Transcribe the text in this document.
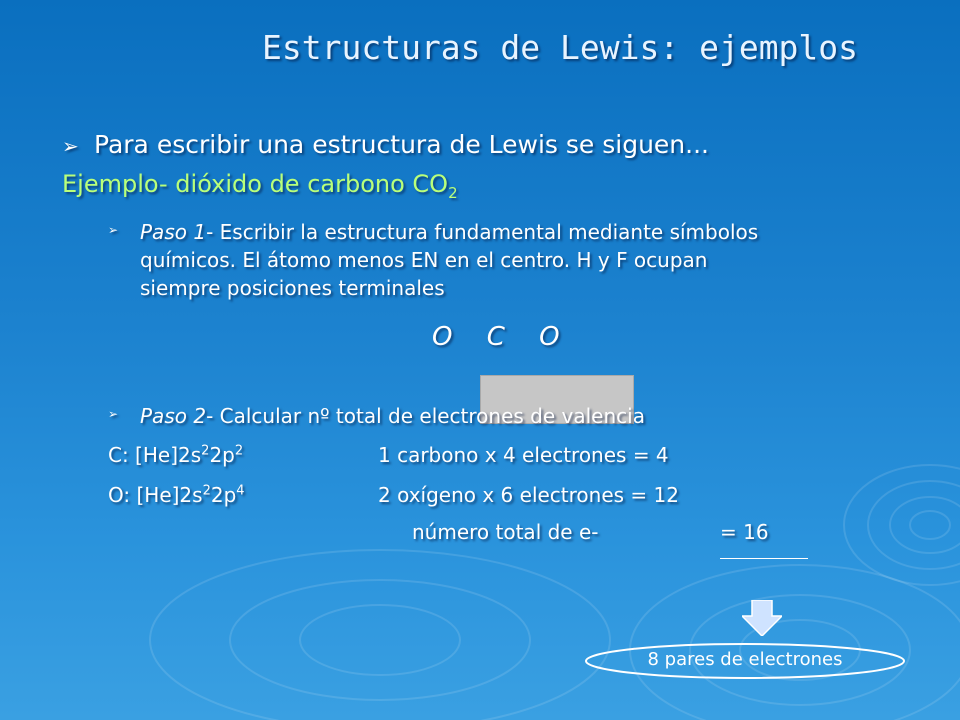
Estructuras de Lewis: ejemplos
➢ Para escribir una estructura de Lewis se siguen...
Ejemplo- dióxido de carbono $CO_2$
➢ Paso 1- Escribir la estructura fundamental mediante símbolos
químicos. El átomo menos EN en el centro. H y F ocupan
siempre posiciones terminales
O C O
➢ Paso 2- Calcular nº total de electrones de valencia
C: $[He]2s^22p^2$	1 carbono x 4 electrones = 4
O: $[He]2s^22p^4$	2 oxígeno x 6 electrones = 12
número total de e-	= 16
8 pares de electrones
